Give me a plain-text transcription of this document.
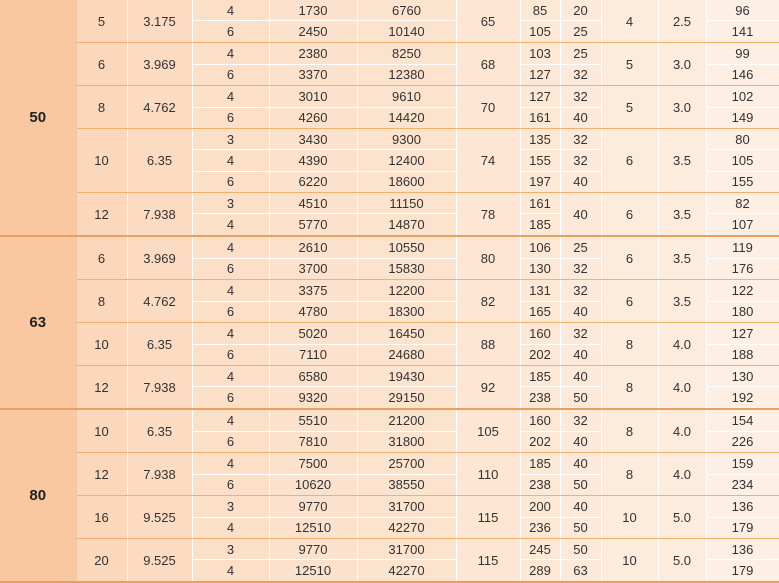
50	5	3.175	4	1730	6760	65	85	20	4	2.5	96
			6	2450	10140		105	25			141
	6	3.969	4	2380	8250	68	103	25	5	3.0	99
			6	3370	12380		127	32			146
	8	4.762	4	3010	9610	70	127	32	5	3.0	102
			6	4260	14420		161	40			149
	10	6.35	3	3430	9300	74	135	32	6	3.5	80
			4	4390	12400		155	32			105
			6	6220	18600		197	40			155
	12	7.938	3	4510	11150	78	161	40	6	3.5	82
			4	5770	14870		185				107
63	6	3.969	4	2610	10550	80	106	25	6	3.5	119
			6	3700	15830		130	32			176
	8	4.762	4	3375	12200	82	131	32	6	3.5	122
			6	4780	18300		165	40			180
	10	6.35	4	5020	16450	88	160	32	8	4.0	127
			6	7110	24680		202	40			188
	12	7.938	4	6580	19430	92	185	40	8	4.0	130
			6	9320	29150		238	50			192
80	10	6.35	4	5510	21200	105	160	32	8	4.0	154
			6	7810	31800		202	40			226
	12	7.938	4	7500	25700	110	185	40	8	4.0	159
			6	10620	38550		238	50			234
	16	9.525	3	9770	31700	115	200	40	10	5.0	136
			4	12510	42270		236	50			179
	20	9.525	3	9770	31700	115	245	50	10	5.0	136
			4	12510	42270		289	63			179
